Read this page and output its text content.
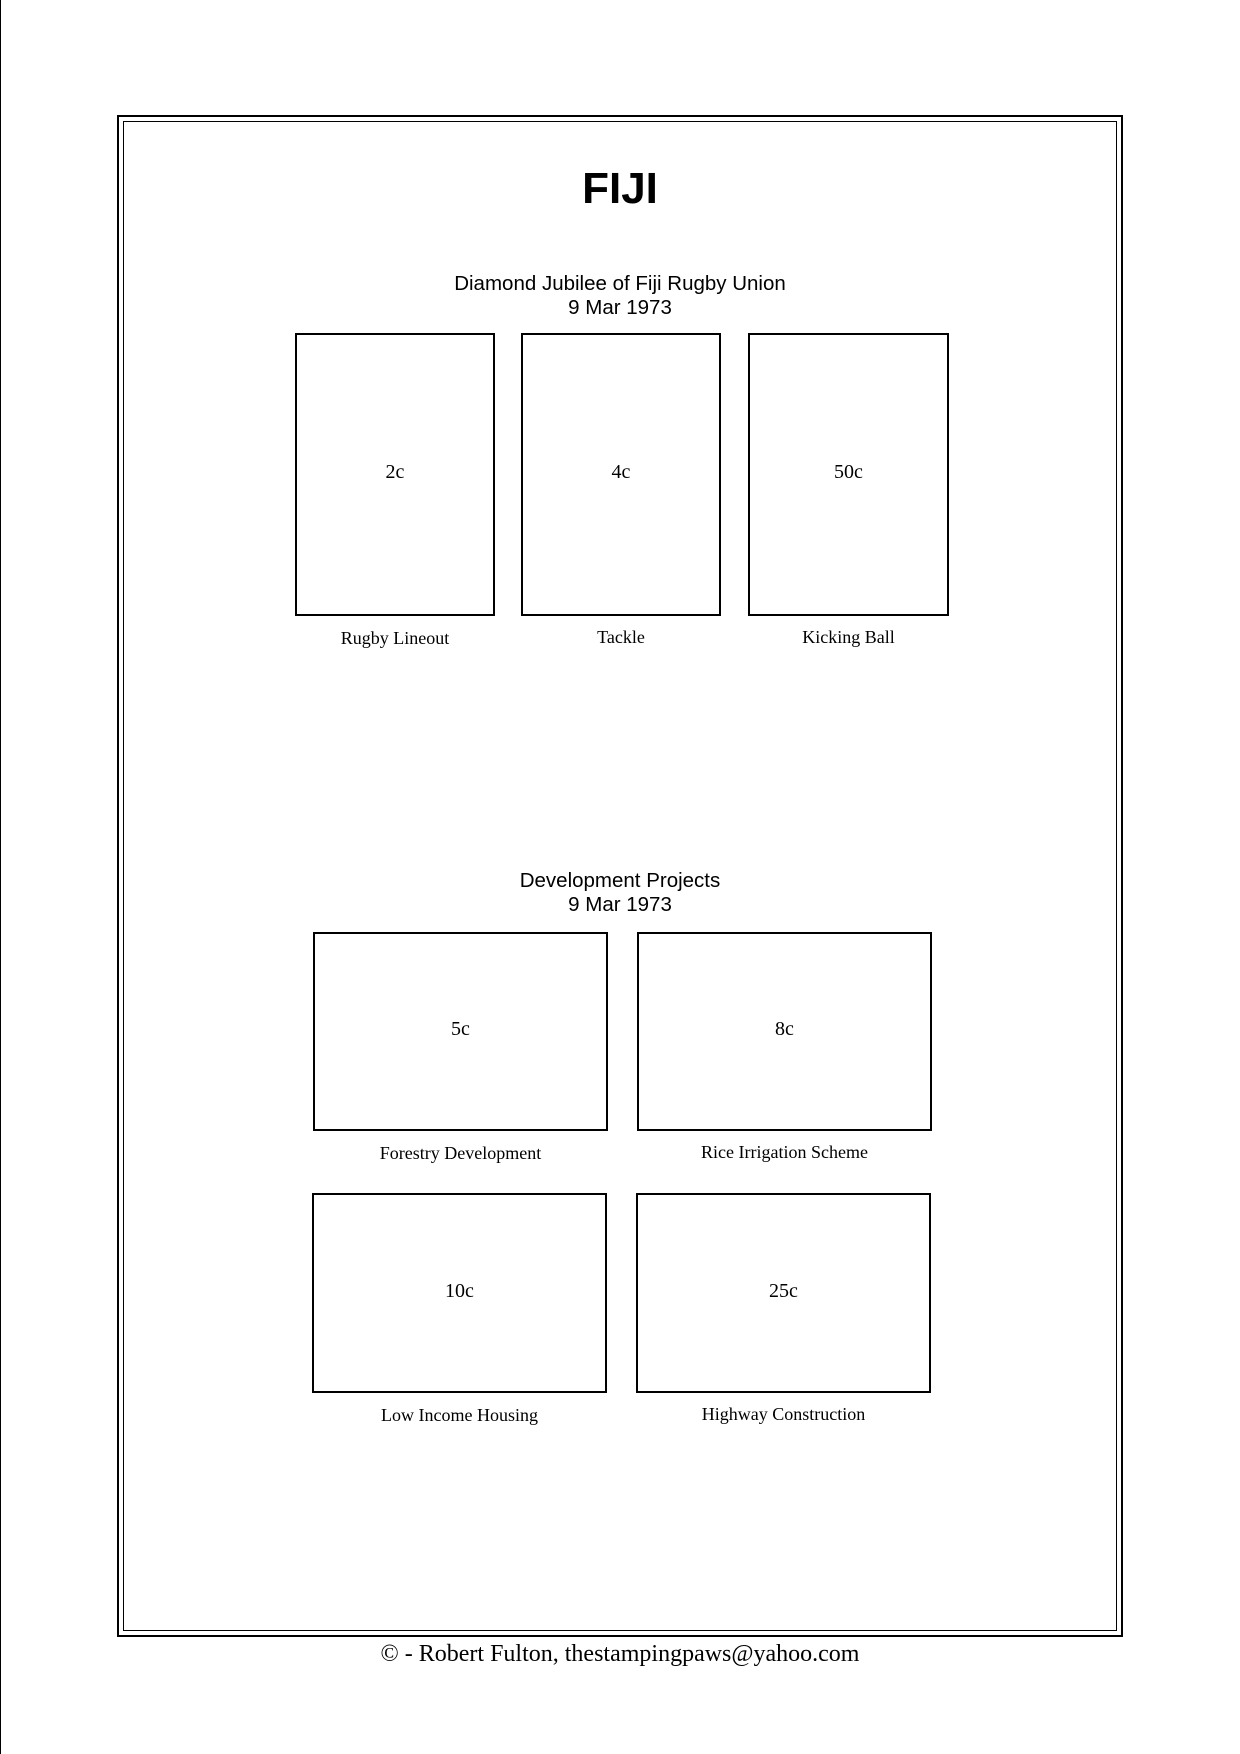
FIJI
Diamond Jubilee of Fiji Rugby Union
9 Mar 1973
2c
Rugby Lineout
4c
Tackle
50c
Kicking Ball
Development Projects
9 Mar 1973
5c
Forestry Development
8c
Rice Irrigation Scheme
10c
Low Income Housing
25c
Highway Construction
© - Robert Fulton, thestampingpaws@yahoo.com
